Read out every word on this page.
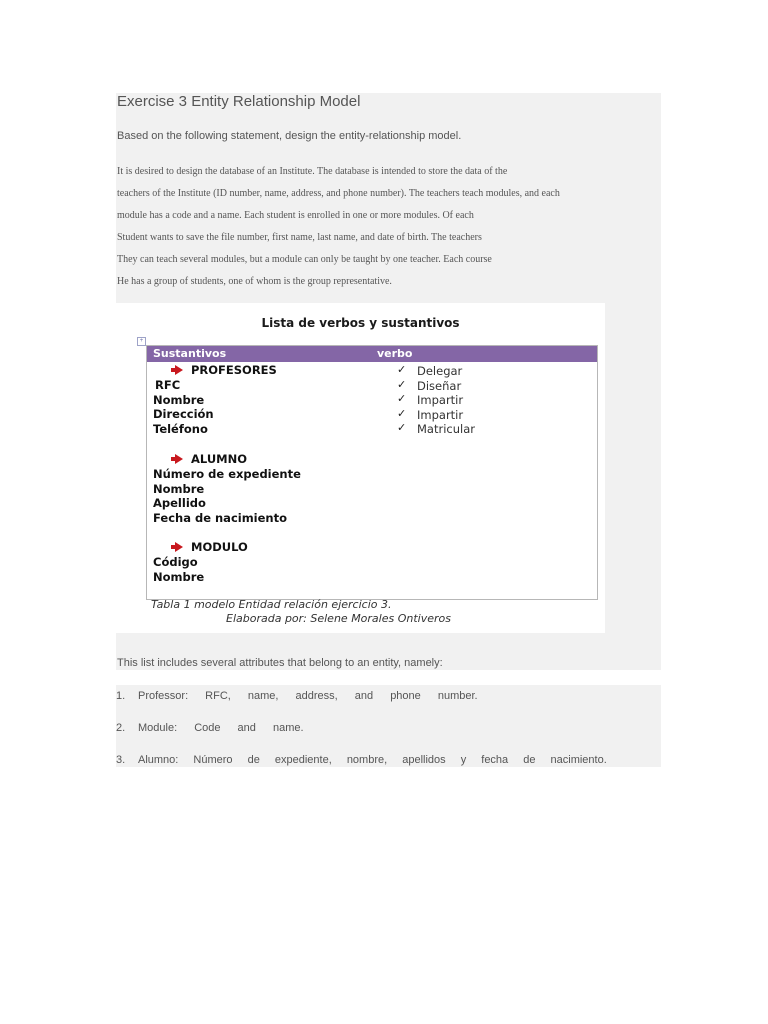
Exercise 3 Entity Relationship Model

Based on the following statement, design the entity-relationship model.

It is desired to design the database of an Institute. The database is intended to store the data of the
teachers of the Institute (ID number, name, address, and phone number). The teachers teach modules, and each
module has a code and a name. Each student is enrolled in one or more modules. Of each
Student wants to save the file number, first name, last name, and date of birth. The teachers
They can teach several modules, but a module can only be taught by one teacher. Each course
He has a group of students, one of whom is the group representative.
Lista de verbos y sustantivos
+
Sustantivos	verbo
PROFESORES
RFC
Nombre
Dirección
Teléfono
✓ Delegar
✓ Diseñar
✓ Impartir
✓ Impartir
✓ Matricular
ALUMNO
Número de expediente
Nombre
Apellido
Fecha de nacimiento
MODULO
Código
Nombre
Tabla 1 modelo Entidad relación ejercicio 3.
Elaborada por: Selene Morales Ontiveros

This list includes several attributes that belong to an entity, namely:

1. Professor: RFC, name, address, and phone number.
2. Module: Code and name.
3. Alumno: Número de expediente, nombre, apellidos y fecha de nacimiento.
